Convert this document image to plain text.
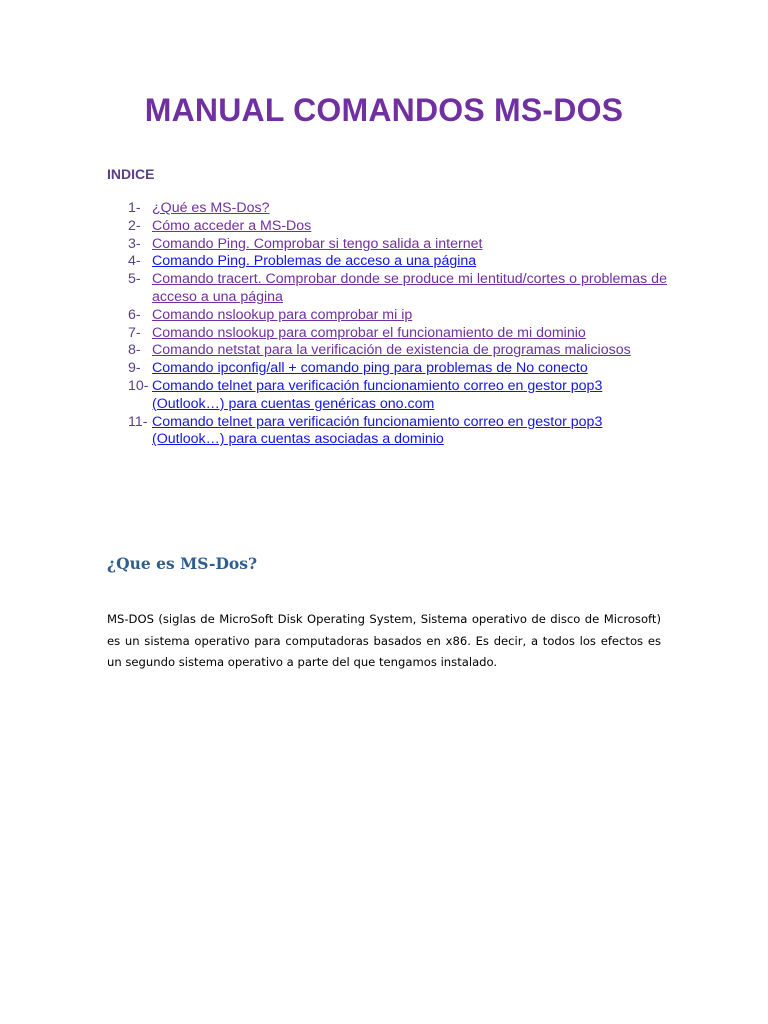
MANUAL COMANDOS MS-DOS
INDICE
1- ¿Qué es MS-Dos?
2- Cómo acceder a MS-Dos
3- Comando Ping. Comprobar si tengo salida a internet
4- Comando Ping. Problemas de acceso a una página
5- Comando tracert. Comprobar donde se produce mi lentitud/cortes o problemas de acceso a una página
6- Comando nslookup para comprobar mi ip
7- Comando nslookup para comprobar el funcionamiento de mi dominio
8- Comando netstat para la verificación de existencia de programas maliciosos
9- Comando ipconfig/all + comando ping para problemas de No conecto
10- Comando telnet para verificación funcionamiento correo en gestor pop3 (Outlook…) para cuentas genéricas ono.com
11- Comando telnet para verificación funcionamiento correo en gestor pop3 (Outlook…) para cuentas asociadas a dominio
¿Que es MS-Dos?

MS-DOS (siglas de MicroSoft Disk Operating System, Sistema operativo de disco de Microsoft) es un sistema operativo para computadoras basados en x86. Es decir, a todos los efectos es un segundo sistema operativo a parte del que tengamos instalado.
